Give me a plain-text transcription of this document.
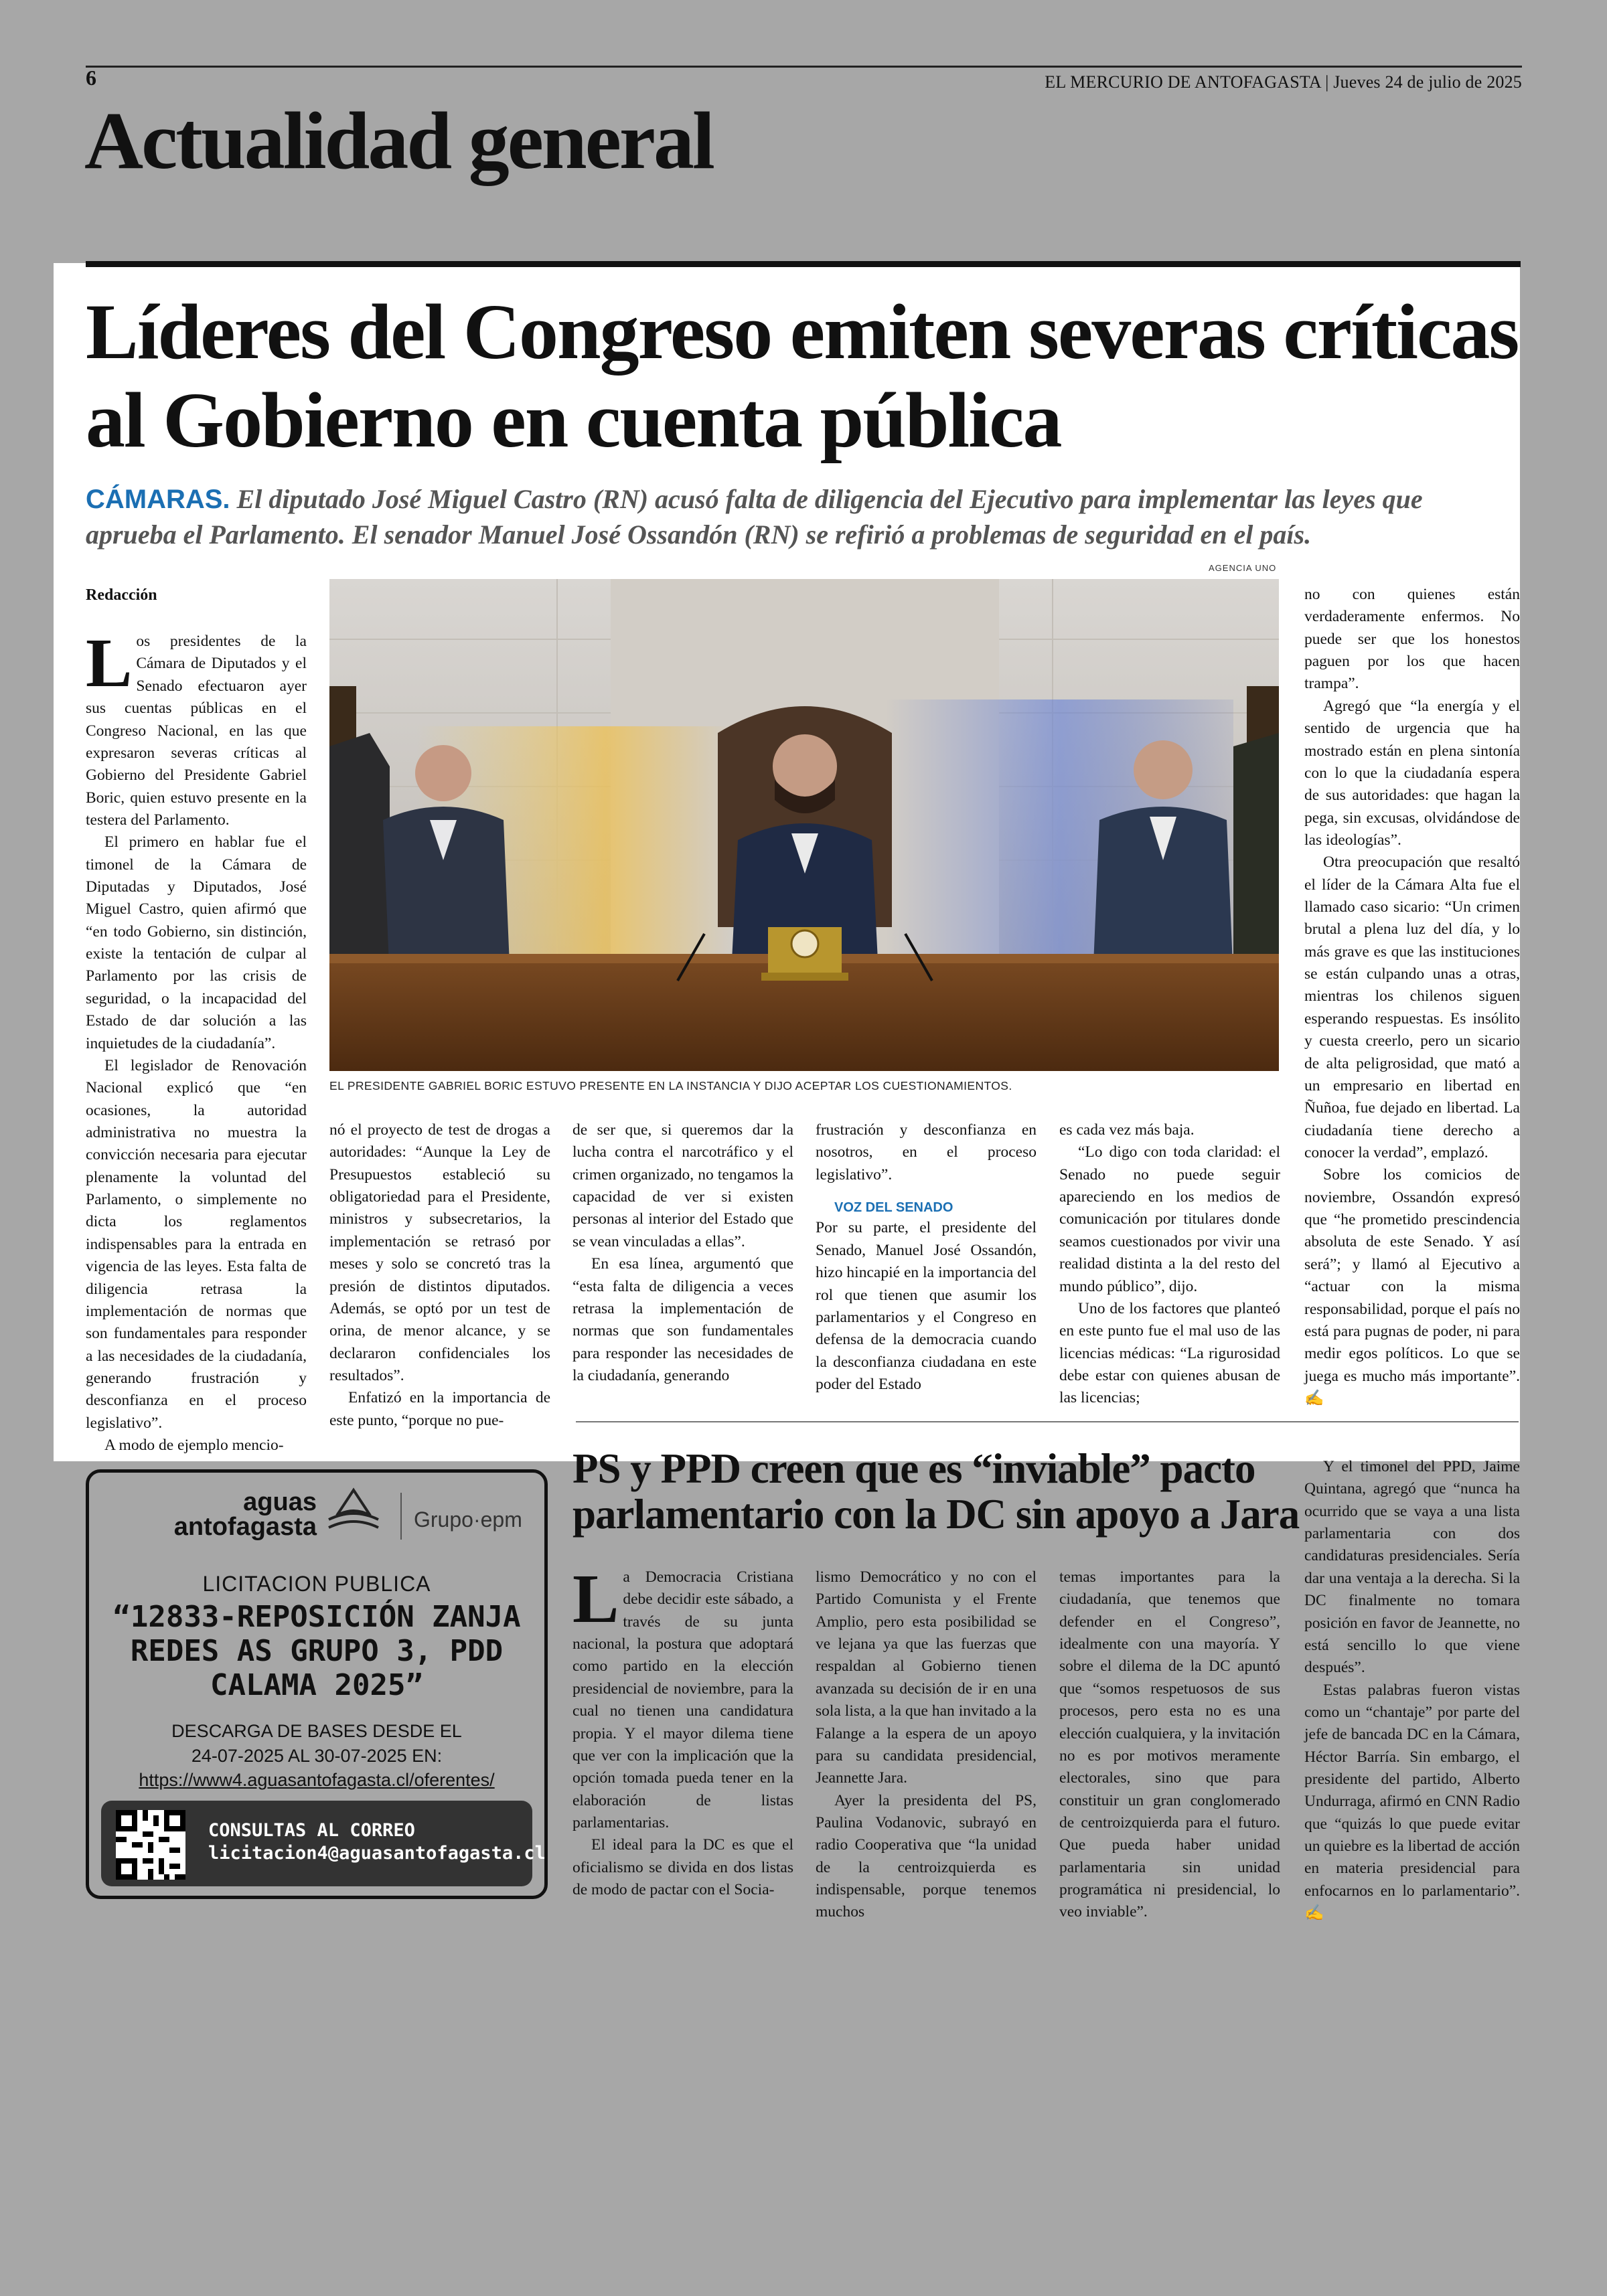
6	EL MERCURIO DE ANTOFAGASTA | Jueves 24 de julio de 2025
Actualidad general
Líderes del Congreso emiten severas críticas al Gobierno en cuenta pública
CÁMARAS. El diputado José Miguel Castro (RN) acusó falta de diligencia del Ejecutivo para implementar las leyes que aprueba el Parlamento. El senador Manuel José Ossandón (RN) se refirió a problemas de seguridad en el país.
AGENCIA UNO
EL PRESIDENTE GABRIEL BORIC ESTUVO PRESENTE EN LA INSTANCIA Y DIJO ACEPTAR LOS CUESTIONAMIENTOS.

Redacción

Los presidentes de la Cámara de Diputados y el Senado efectuaron ayer sus cuentas públicas en el Congreso Nacional, en las que expresaron severas críticas al Gobierno del Presidente Gabriel Boric, quien estuvo presente en la testera del Parlamento.

El primero en hablar fue el timonel de la Cámara de Diputadas y Diputados, José Miguel Castro, quien afirmó que “en todo Gobierno, sin distinción, existe la tentación de culpar al Parlamento por las crisis de seguridad, o la incapacidad del Estado de dar solución a las inquietudes de la ciudadanía”.

El legislador de Renovación Nacional explicó que “en ocasiones, la autoridad administrativa no muestra la convicción necesaria para ejecutar plenamente la voluntad del Parlamento, o simplemente no dicta los reglamentos indispensables para la entrada en vigencia de las leyes. Esta falta de diligencia retrasa la implementación de normas que son fundamentales para responder a las necesidades de la ciudadanía, generando frustración y desconfianza en el proceso legislativo”.

A modo de ejemplo mencio-

nó el proyecto de test de drogas a autoridades: “Aunque la Ley de Presupuestos estableció su obligatoriedad para el Presidente, ministros y subsecretarios, la implementación se retrasó por meses y solo se concretó tras la presión de distintos diputados. Además, se optó por un test de orina, de menor alcance, y se declararon confidenciales los resultados”.

Enfatizó en la importancia de este punto, “porque no pue-

de ser que, si queremos dar la lucha contra el narcotráfico y el crimen organizado, no tengamos la capacidad de ver si existen personas al interior del Estado que se vean vinculadas a ellas”.

En esa línea, argumentó que “esta falta de diligencia a veces retrasa la implementación de normas que son fundamentales para responder las necesidades de la ciudadanía, generando

frustración y desconfianza en nosotros, en el proceso legislativo”.

VOZ DEL SENADO

Por su parte, el presidente del Senado, Manuel José Ossandón, hizo hincapié en la importancia del rol que tienen que asumir los parlamentarios y el Congreso en defensa de la democracia cuando la desconfianza ciudadana en este poder del Estado

es cada vez más baja.

“Lo digo con toda claridad: el Senado no puede seguir apareciendo en los medios de comunicación por titulares donde seamos cuestionados por vivir una realidad distinta a la del resto del mundo público”, dijo.

Uno de los factores que planteó en este punto fue el mal uso de las licencias médicas: “La rigurosidad debe estar con quienes abusan de las licencias;

no con quienes están verdaderamente enfermos. No puede ser que los honestos paguen por los que hacen trampa”.

Agregó que “la energía y el sentido de urgencia que ha mostrado están en plena sintonía con lo que la ciudadanía espera de sus autoridades: que hagan la pega, sin excusas, olvidándose de las ideologías”.

Otra preocupación que resaltó el líder de la Cámara Alta fue el llamado caso sicario: “Un crimen brutal a plena luz del día, y lo más grave es que las instituciones se están culpando unas a otras, mientras los chilenos siguen esperando respuestas. Es insólito y cuesta creerlo, pero un sicario de alta peligrosidad, que mató a un empresario en libertad en Ñuñoa, fue dejado en libertad. La ciudadanía tiene derecho a conocer la verdad”, emplazó.

Sobre los comicios de noviembre, Ossandón expresó que “he prometido prescindencia absoluta de este Senado. Y así será”; y llamó al Ejecutivo a “actuar con la misma responsabilidad, porque el país no está para pugnas de poder, ni para medir egos políticos. Lo que se juega es mucho más importante”. ✍

PS y PPD creen que es “inviable” pacto parlamentario con la DC sin apoyo a Jara

La Democracia Cristiana debe decidir este sábado, a través de su junta nacional, la postura que adoptará como partido en la elección presidencial de noviembre, para la cual no tienen una candidatura propia. Y el mayor dilema tiene que ver con la implicación que la opción tomada pueda tener en la elaboración de listas parlamentarias.

El ideal para la DC es que el oficialismo se divida en dos listas de modo de pactar con el Socia-

lismo Democrático y no con el Partido Comunista y el Frente Amplio, pero esta posibilidad se ve lejana ya que las fuerzas que respaldan al Gobierno tienen avanzada su decisión de ir en una sola lista, a la que han invitado a la Falange a la espera de un apoyo para su candidata presidencial, Jeannette Jara.

Ayer la presidenta del PS, Paulina Vodanovic, subrayó en radio Cooperativa que “la unidad de la centroizquierda es indispensable, porque tenemos muchos

temas importantes para la ciudadanía, que tenemos que defender en el Congreso”, idealmente con una mayoría. Y sobre el dilema de la DC apuntó que “somos respetuosos de sus procesos, pero esta no es una elección cualquiera, y la invitación no es por motivos meramente electorales, sino que para constituir un gran conglomerado de centroizquierda para el futuro. Que pueda haber unidad parlamentaria sin unidad programática ni presidencial, lo veo inviable”.

Y el timonel del PPD, Jaime Quintana, agregó que “nunca ha ocurrido que se vaya a una lista parlamentaria con dos candidaturas presidenciales. Sería dar una ventaja a la derecha. Si la DC finalmente no tomara posición en favor de Jeannette, no está sencillo lo que viene después”.

Estas palabras fueron vistas como un “chantaje” por parte del jefe de bancada DC en la Cámara, Héctor Barría. Sin embargo, el presidente del partido, Alberto Undurraga, afirmó en CNN Radio que “quizás lo que puede evitar un quiebre es la libertad de acción en materia presidencial para enfocarnos en lo parlamentario”. ✍

aguas
antofagasta	Grupo·epm
LICITACION PUBLICA
“12833-REPOSICIÓN ZANJA REDES AS GRUPO 3, PDD CALAMA 2025”
DESCARGA DE BASES DESDE EL
24-07-2025 AL 30-07-2025 EN:
https://www4.aguasantofagasta.cl/oferentes/
CONSULTAS AL CORREO
licitacion4@aguasantofagasta.cl
